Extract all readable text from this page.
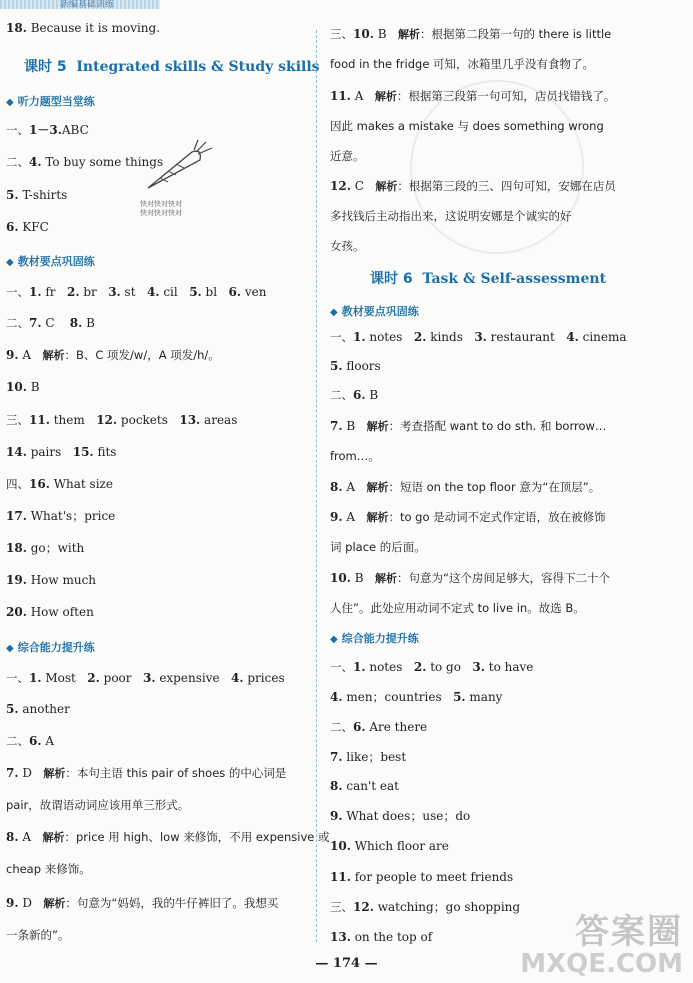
新编基础训练
18. Because it is moving.
课时 5 Integrated skills & Study skills
◆ 听力题型当堂练
一、1－3.ABC
二、4. To buy some things
5. T-shirts
6. KFC
◆ 教材要点巩固练
一、1. fr 2. br 3. st 4. cil 5. bl 6. ven
二、7. C 8. B
9. A 解析：B、C 项发/w/，A 项发/h/。
10. B
三、11. them 12. pockets 13. areas
14. pairs 15. fits
四、16. What size
17. What's；price
18. go；with
19. How much
20. How often
◆ 综合能力提升练
一、1. Most 2. poor 3. expensive 4. prices
5. another
二、6. A
7. D 解析：本句主语 this pair of shoes 的中心词是
pair，故谓语动词应该用单三形式。
8. A 解析：price 用 high、low 来修饰，不用 expensive 或
cheap 来修饰。
9. D 解析：句意为“妈妈，我的牛仔裤旧了。我想买
一条新的”。
快对快对快对
快对快对快对
三、10. B 解析：根据第二段第一句的 there is little
food in the fridge 可知，冰箱里几乎没有食物了。
11. A 解析：根据第三段第一句可知，店员找错钱了。
因此 makes a mistake 与 does something wrong
近意。
12. C 解析：根据第三段的三、四句可知，安娜在店员
多找钱后主动指出来，这说明安娜是个诚实的好
女孩。
课时 6 Task & Self-assessment
◆ 教材要点巩固练
一、1. notes 2. kinds 3. restaurant 4. cinema
5. floors
二、6. B
7. B 解析：考查搭配 want to do sth. 和 borrow…
from…。
8. A 解析：短语 on the top floor 意为“在顶层”。
9. A 解析：to go 是动词不定式作定语，放在被修饰
词 place 的后面。
10. B 解析：句意为“这个房间足够大，容得下二十个
人住”。此处应用动词不定式 to live in。故选 B。
◆ 综合能力提升练
一、1. notes 2. to go 3. to have
4. men；countries 5. many
二、6. Are there
7. like；best
8. can't eat
9. What does；use；do
10. Which floor are
11. for people to meet friends
三、12. watching；go shopping
13. on the top of
— 174 —
答案圈
MXQE.COM
